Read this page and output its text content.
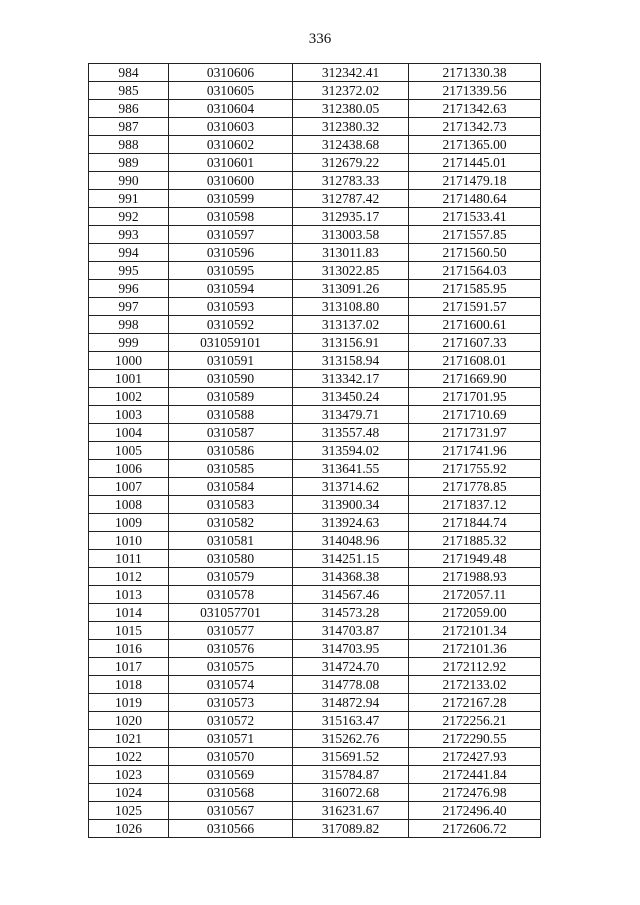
336
984	0310606	312342.41	2171330.38
985	0310605	312372.02	2171339.56
986	0310604	312380.05	2171342.63
987	0310603	312380.32	2171342.73
988	0310602	312438.68	2171365.00
989	0310601	312679.22	2171445.01
990	0310600	312783.33	2171479.18
991	0310599	312787.42	2171480.64
992	0310598	312935.17	2171533.41
993	0310597	313003.58	2171557.85
994	0310596	313011.83	2171560.50
995	0310595	313022.85	2171564.03
996	0310594	313091.26	2171585.95
997	0310593	313108.80	2171591.57
998	0310592	313137.02	2171600.61
999	031059101	313156.91	2171607.33
1000	0310591	313158.94	2171608.01
1001	0310590	313342.17	2171669.90
1002	0310589	313450.24	2171701.95
1003	0310588	313479.71	2171710.69
1004	0310587	313557.48	2171731.97
1005	0310586	313594.02	2171741.96
1006	0310585	313641.55	2171755.92
1007	0310584	313714.62	2171778.85
1008	0310583	313900.34	2171837.12
1009	0310582	313924.63	2171844.74
1010	0310581	314048.96	2171885.32
1011	0310580	314251.15	2171949.48
1012	0310579	314368.38	2171988.93
1013	0310578	314567.46	2172057.11
1014	031057701	314573.28	2172059.00
1015	0310577	314703.87	2172101.34
1016	0310576	314703.95	2172101.36
1017	0310575	314724.70	2172112.92
1018	0310574	314778.08	2172133.02
1019	0310573	314872.94	2172167.28
1020	0310572	315163.47	2172256.21
1021	0310571	315262.76	2172290.55
1022	0310570	315691.52	2172427.93
1023	0310569	315784.87	2172441.84
1024	0310568	316072.68	2172476.98
1025	0310567	316231.67	2172496.40
1026	0310566	317089.82	2172606.72
